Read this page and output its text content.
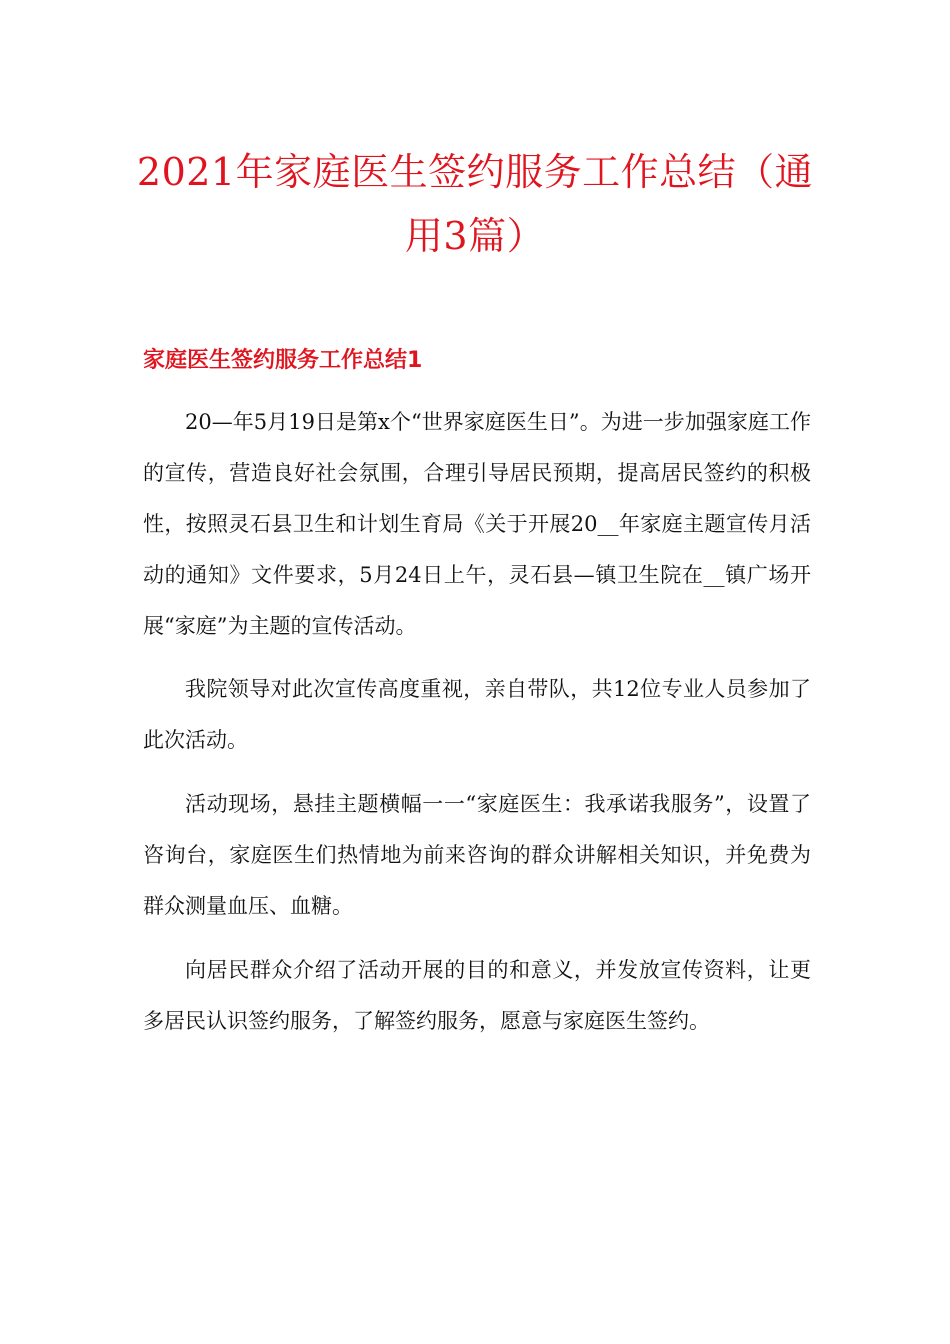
2021年家庭医生签约服务工作总结（通用3篇）
家庭医生签约服务工作总结1

20—年5月19日是第x个“世界家庭医生日”。为进一步加强家庭工作的宣传，营造良好社会氛围，合理引导居民预期，提高居民签约的积极性，按照灵石县卫生和计划生育局《关于开展20__年家庭主题宣传月活动的通知》文件要求，5月24日上午，灵石县—镇卫生院在__镇广场开展“家庭”为主题的宣传活动。

我院领导对此次宣传高度重视，亲自带队，共12位专业人员参加了此次活动。

活动现场，悬挂主题横幅一一“家庭医生：我承诺我服务”，设置了咨询台，家庭医生们热情地为前来咨询的群众讲解相关知识，并免费为群众测量血压、血糖。

向居民群众介绍了活动开展的目的和意义，并发放宣传资料，让更多居民认识签约服务，了解签约服务，愿意与家庭医生签约。
